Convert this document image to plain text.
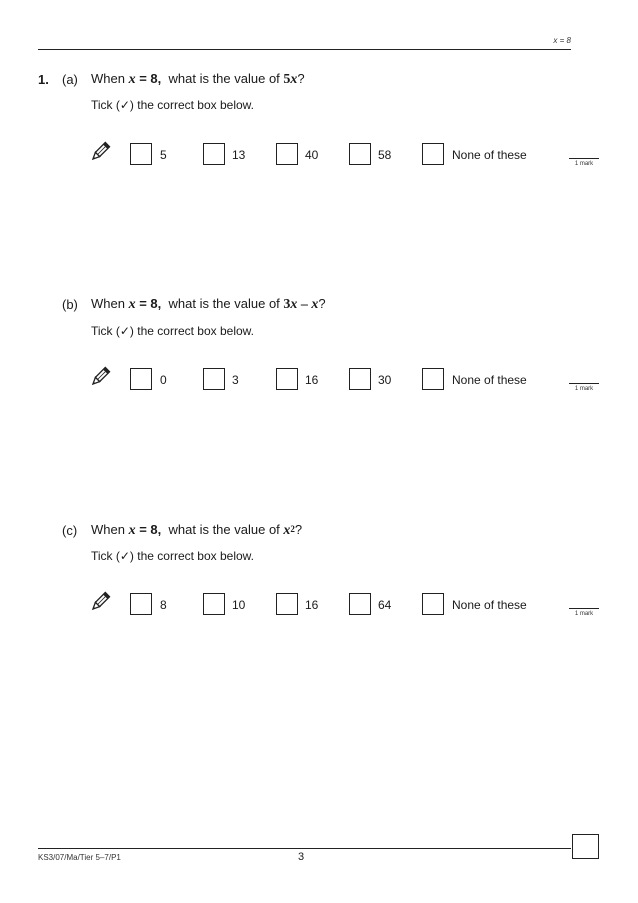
x = 8
1. (a) When x = 8, what is the value of 5x?
Tick (✓) the correct box below.
5	13	40	58	None of these
1 mark
(b) When x = 8, what is the value of 3x – x?
Tick (✓) the correct box below.
0	3	16	30	None of these
1 mark
(c) When x = 8, what is the value of $x^2$?
Tick (✓) the correct box below.
8	10	16	64	None of these
1 mark
KS3/07/Ma/Tier 5–7/P1	3
